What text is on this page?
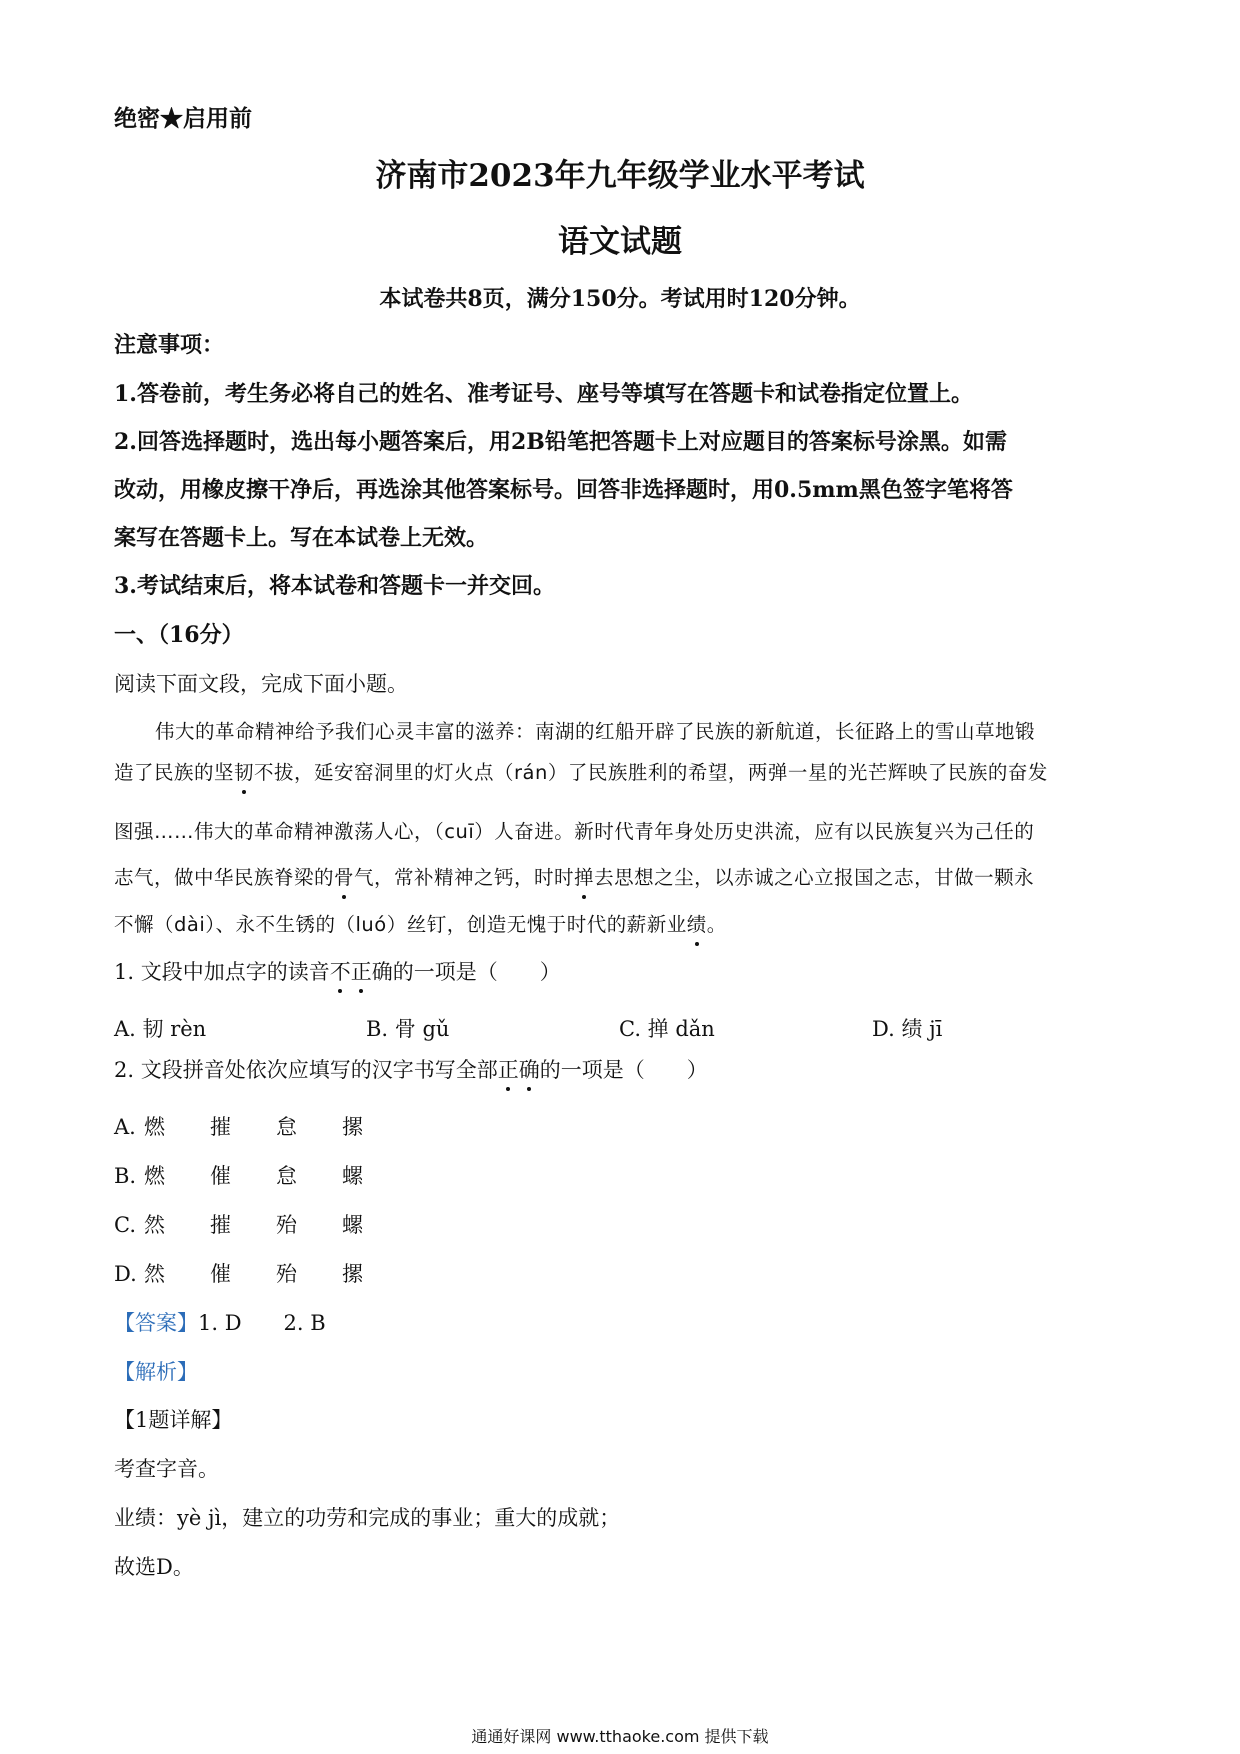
绝密★启用前
济南市2023年九年级学业水平考试
语文试题
本试卷共8页，满分150分。考试用时120分钟。
注意事项：
1.答卷前，考生务必将自己的姓名、准考证号、座号等填写在答题卡和试卷指定位置上。
2.回答选择题时，选出每小题答案后，用2B铅笔把答题卡上对应题目的答案标号涂黑。如需
改动，用橡皮擦干净后，再选涂其他答案标号。回答非选择题时，用0.5mm黑色签字笔将答
案写在答题卡上。写在本试卷上无效。
3.考试结束后，将本试卷和答题卡一并交回。
一、（16分）
阅读下面文段，完成下面小题。
伟大的革命精神给予我们心灵丰富的滋养：南湖的红船开辟了民族的新航道，长征路上的雪山草地锻
造了民族的坚韧不拔，延安窑洞里的灯火点（rán）了民族胜利的希望，两弹一星的光芒辉映了民族的奋发
图强……伟大的革命精神激荡人心，（cuī）人奋进。新时代青年身处历史洪流，应有以民族复兴为己任的
志气，做中华民族脊梁的骨气，常补精神之钙，时时掸去思想之尘，以赤诚之心立报国之志，甘做一颗永
不懈（dài）、永不生锈的（luó）丝钉，创造无愧于时代的薪新业绩。
1. 文段中加点字的读音不正确的一项是（　　）
A. 韧 rèn	B. 骨 gǔ	C. 掸 dǎn	D. 绩 jī
2. 文段拼音处依次应填写的汉字书写全部正确的一项是（　　）
A. 燃 摧 怠 摞
B. 燃 催 怠 螺
C. 然 摧 殆 螺
D. 然 催 殆 摞
【答案】1. D　　2. B
【解析】
【1题详解】
考查字音。
业绩：yè jì，建立的功劳和完成的事业；重大的成就；
故选D。
通通好课网 www.tthaoke.com 提供下载
